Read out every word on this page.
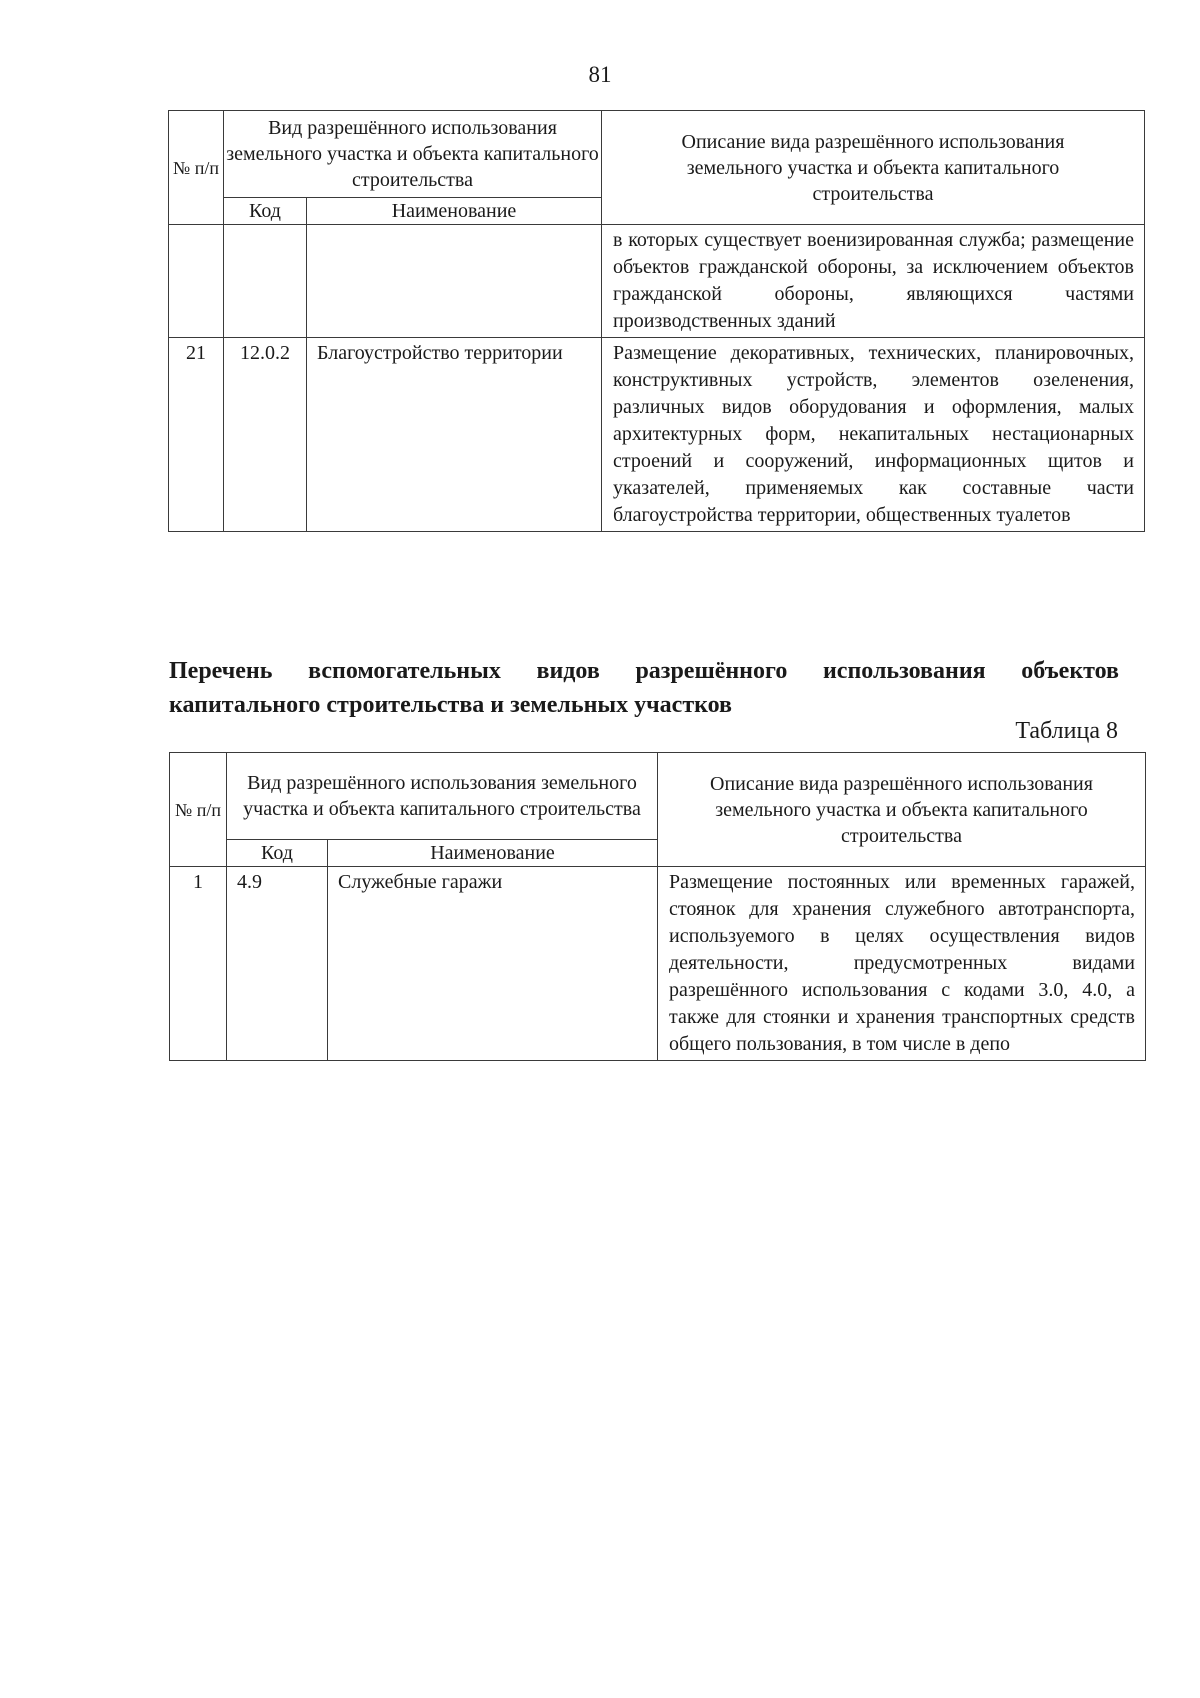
81
№ п/п	Вид разрешённого использования земельного участка и объекта капитального строительства		Описание вида разрешённого использования земельного участка и объекта капитального строительства
	Код	Наименование	
			в которых существует военизированная служба; размещение объектов гражданской обороны, за исключением объектов гражданской обороны, являющихся частями производственных зданий
21	12.0.2	Благоустройство территории	Размещение декоративных, технических, планировочных, конструктивных устройств, элементов озеленения, различных видов оборудования и оформления, малых архитектурных форм, некапитальных нестационарных строений и сооружений, информационных щитов и указателей, применяемых как составные части благоустройства территории, общественных туалетов
Перечень вспомогательных видов разрешённого использования объектов капитального строительства и земельных участков
Таблица 8
№ п/п	Вид разрешённого использования земельного участка и объекта капитального строительства		Описание вида разрешённого использования земельного участка и объекта капитального строительства
	Код	Наименование	
1	4.9	Служебные гаражи	Размещение постоянных или временных гаражей, стоянок для хранения служебного автотранспорта, используемого в целях осуществления видов деятельности, предусмотренных видами разрешённого использования с кодами 3.0, 4.0, а также для стоянки и хранения транспортных средств общего пользования, в том числе в депо
